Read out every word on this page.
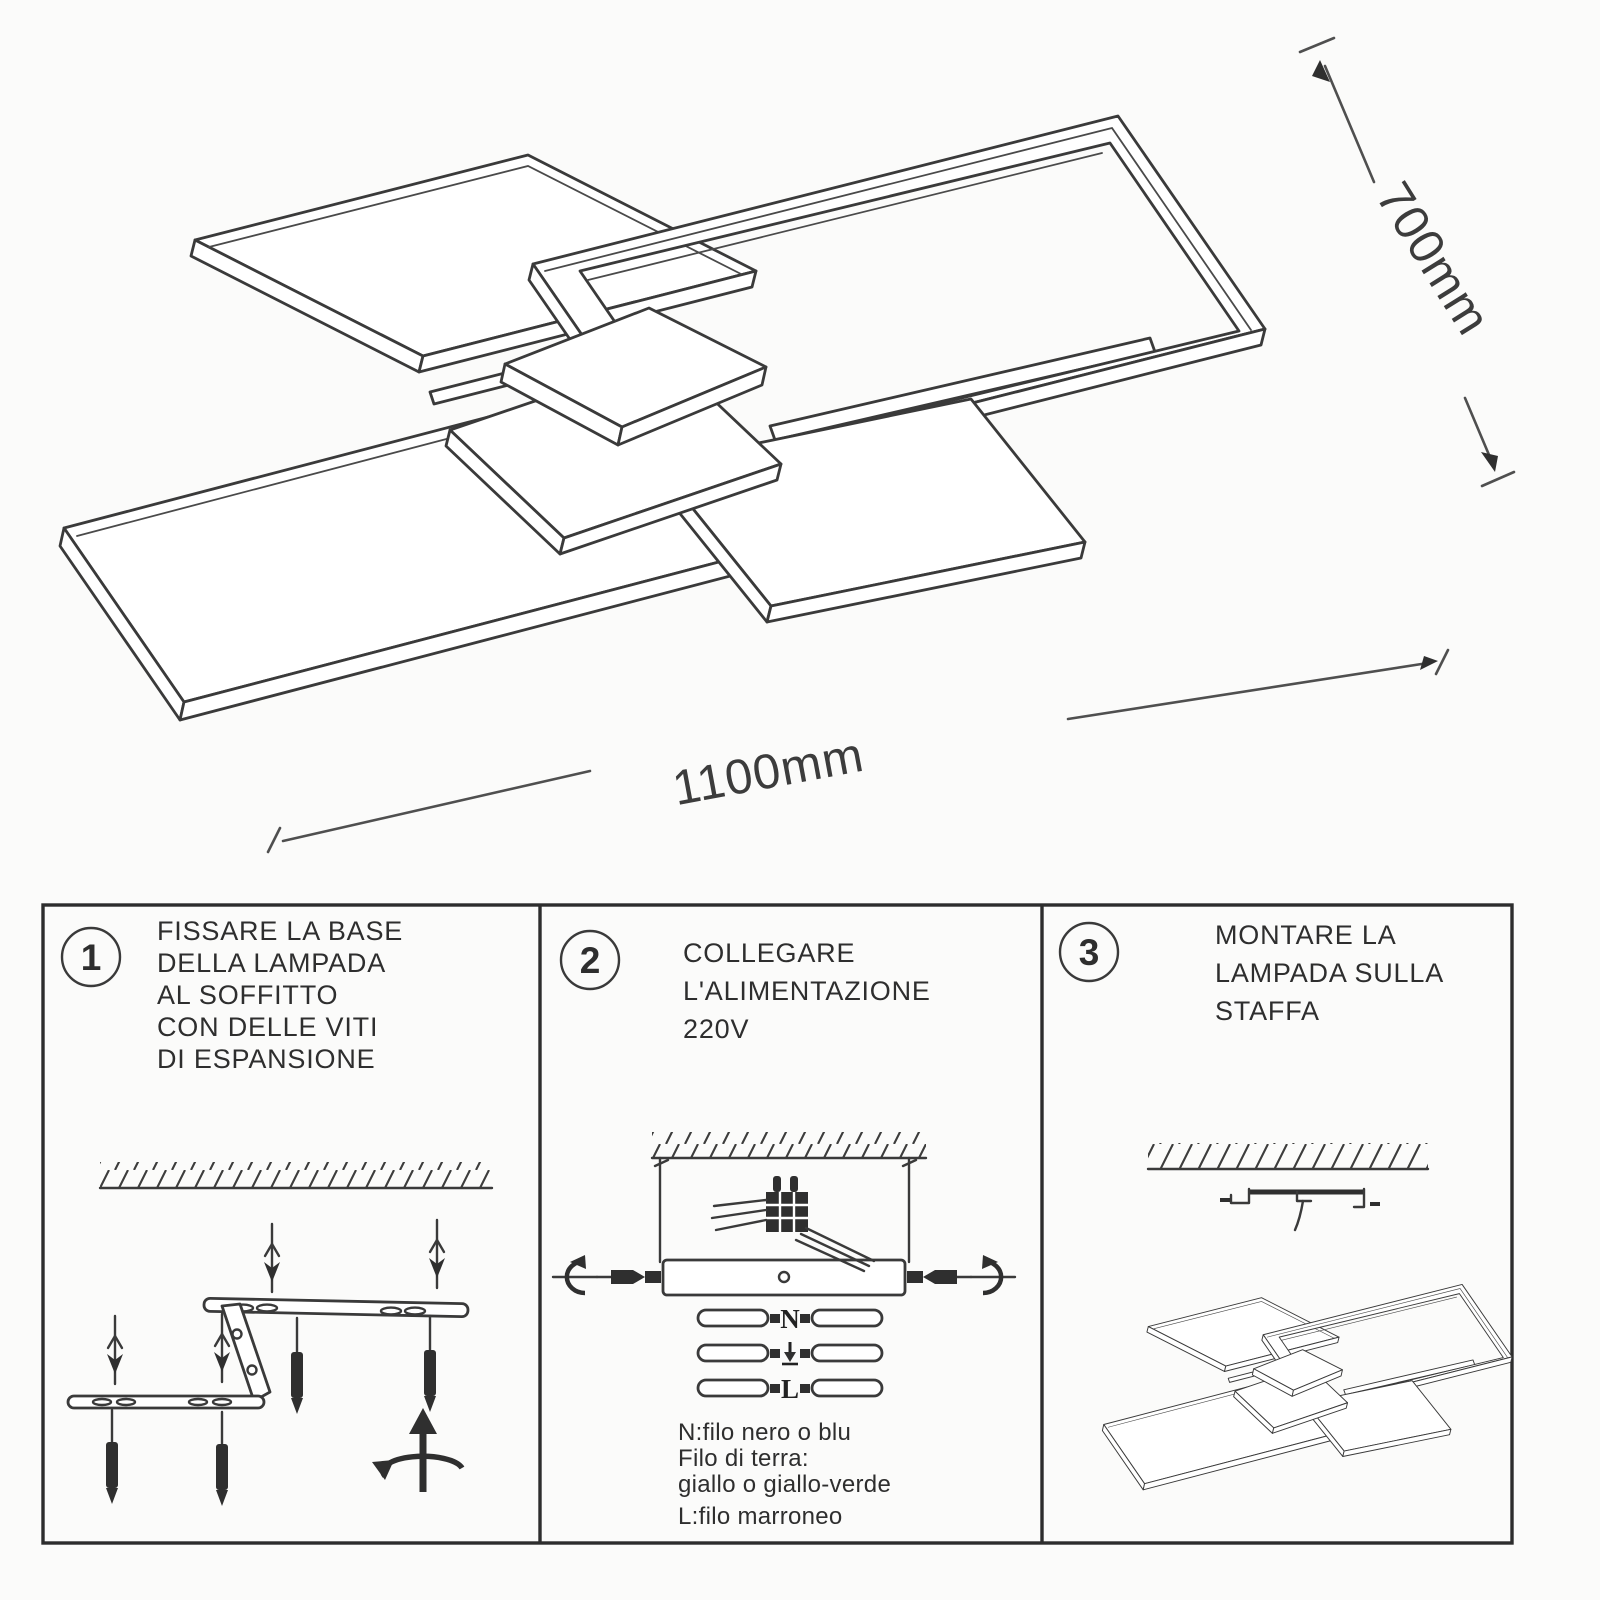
700mm
1100mm
1
FISSARE LA BASE
DELLA LAMPADA
AL SOFFITTO
CON DELLE VITI
DI ESPANSIONE
2	COLLEGARE
L'ALIMENTAZIONE
220V
N
L
N:filo nero o blu
Filo di terra:
giallo o giallo-verde
L:filo marroneo
3	MONTARE LA
LAMPADA SULLA
STAFFA
